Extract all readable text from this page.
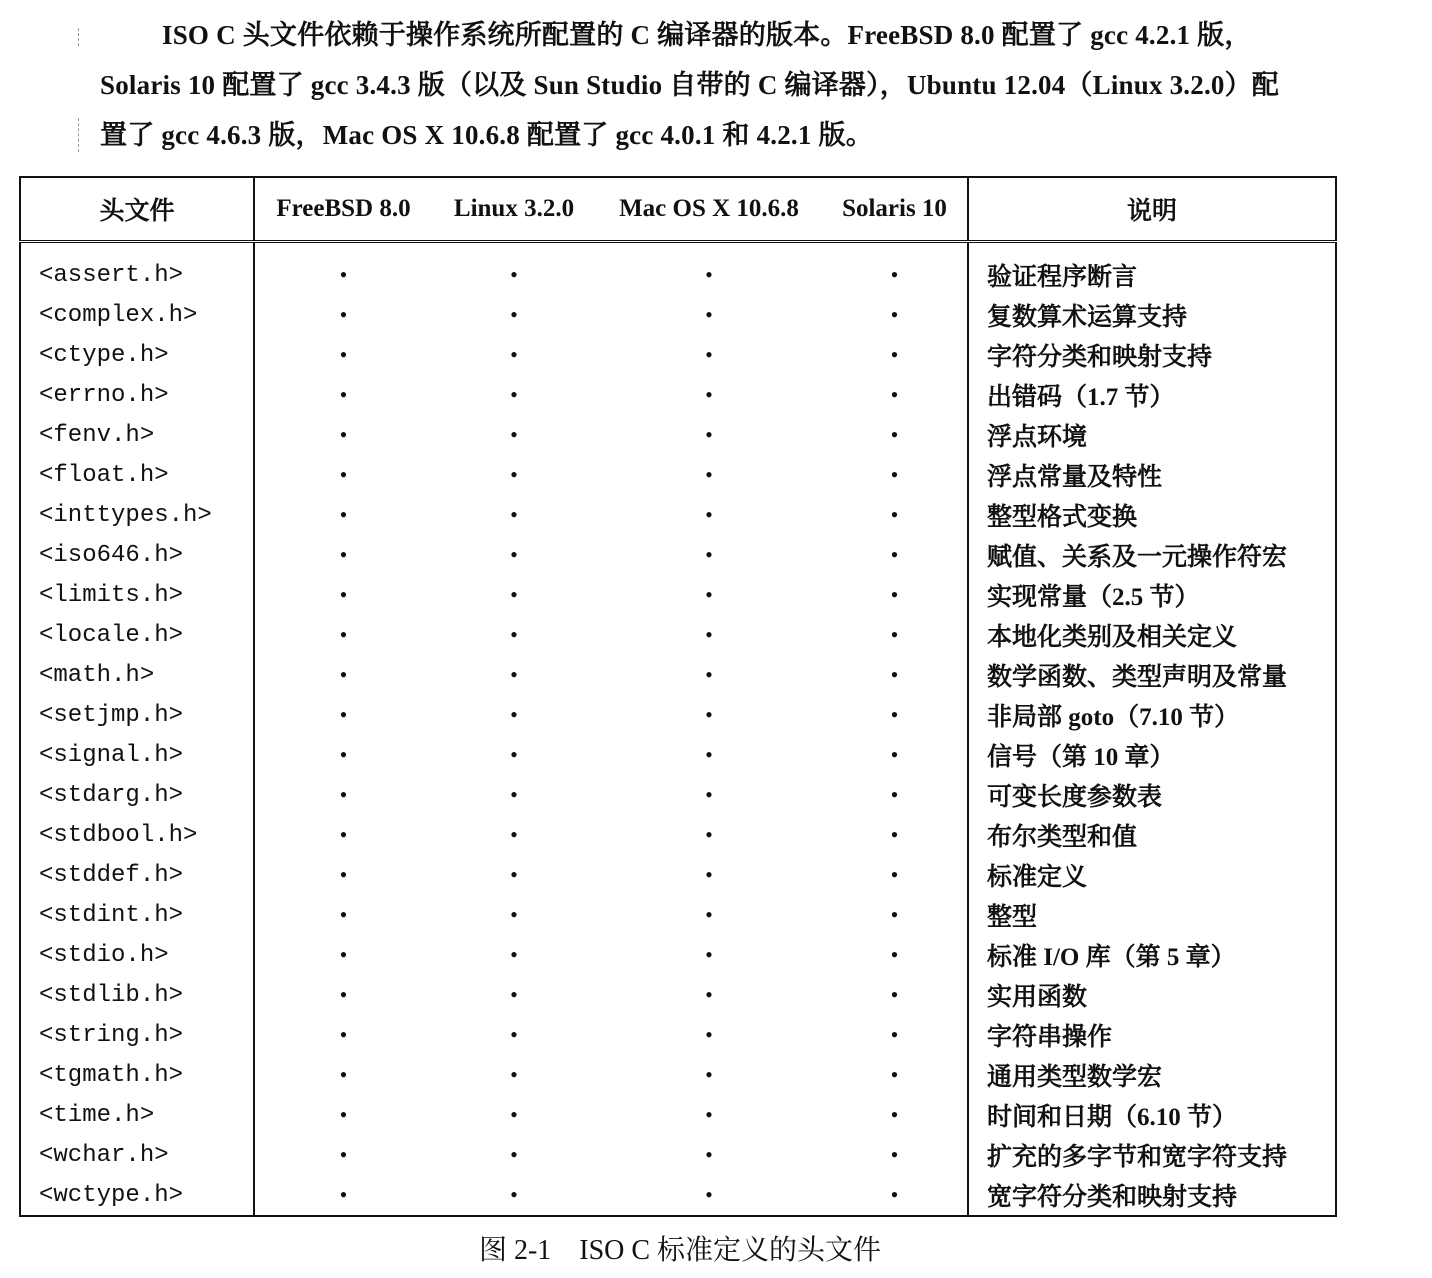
ISO C 头文件依赖于操作系统所配置的 C 编译器的版本。FreeBSD 8.0 配置了 gcc 4.2.1 版，

Solaris 10 配置了 gcc 3.4.3 版（以及 Sun Studio 自带的 C 编译器），Ubuntu 12.04（Linux 3.2.0）配

置了 gcc 4.6.3 版，Mac OS X 10.6.8 配置了 gcc 4.0.1 和 4.2.1 版。

头文件	FreeBSD 8.0	Linux 3.2.0	Mac OS X 10.6.8	Solaris 10	说明
<assert.h>	•	•	•	•	验证程序断言
<complex.h>	•	•	•	•	复数算术运算支持
<ctype.h>	•	•	•	•	字符分类和映射支持
<errno.h>	•	•	•	•	出错码（1.7 节）
<fenv.h>	•	•	•	•	浮点环境
<float.h>	•	•	•	•	浮点常量及特性
<inttypes.h>	•	•	•	•	整型格式变换
<iso646.h>	•	•	•	•	赋值、关系及一元操作符宏
<limits.h>	•	•	•	•	实现常量（2.5 节）
<locale.h>	•	•	•	•	本地化类别及相关定义
<math.h>	•	•	•	•	数学函数、类型声明及常量
<setjmp.h>	•	•	•	•	非局部 goto（7.10 节）
<signal.h>	•	•	•	•	信号（第 10 章）
<stdarg.h>	•	•	•	•	可变长度参数表
<stdbool.h>	•	•	•	•	布尔类型和值
<stddef.h>	•	•	•	•	标准定义
<stdint.h>	•	•	•	•	整型
<stdio.h>	•	•	•	•	标准 I/O 库（第 5 章）
<stdlib.h>	•	•	•	•	实用函数
<string.h>	•	•	•	•	字符串操作
<tgmath.h>	•	•	•	•	通用类型数学宏
<time.h>	•	•	•	•	时间和日期（6.10 节）
<wchar.h>	•	•	•	•	扩充的多字节和宽字符支持
<wctype.h>	•	•	•	•	宽字符分类和映射支持
图 2-1　ISO C 标准定义的头文件
